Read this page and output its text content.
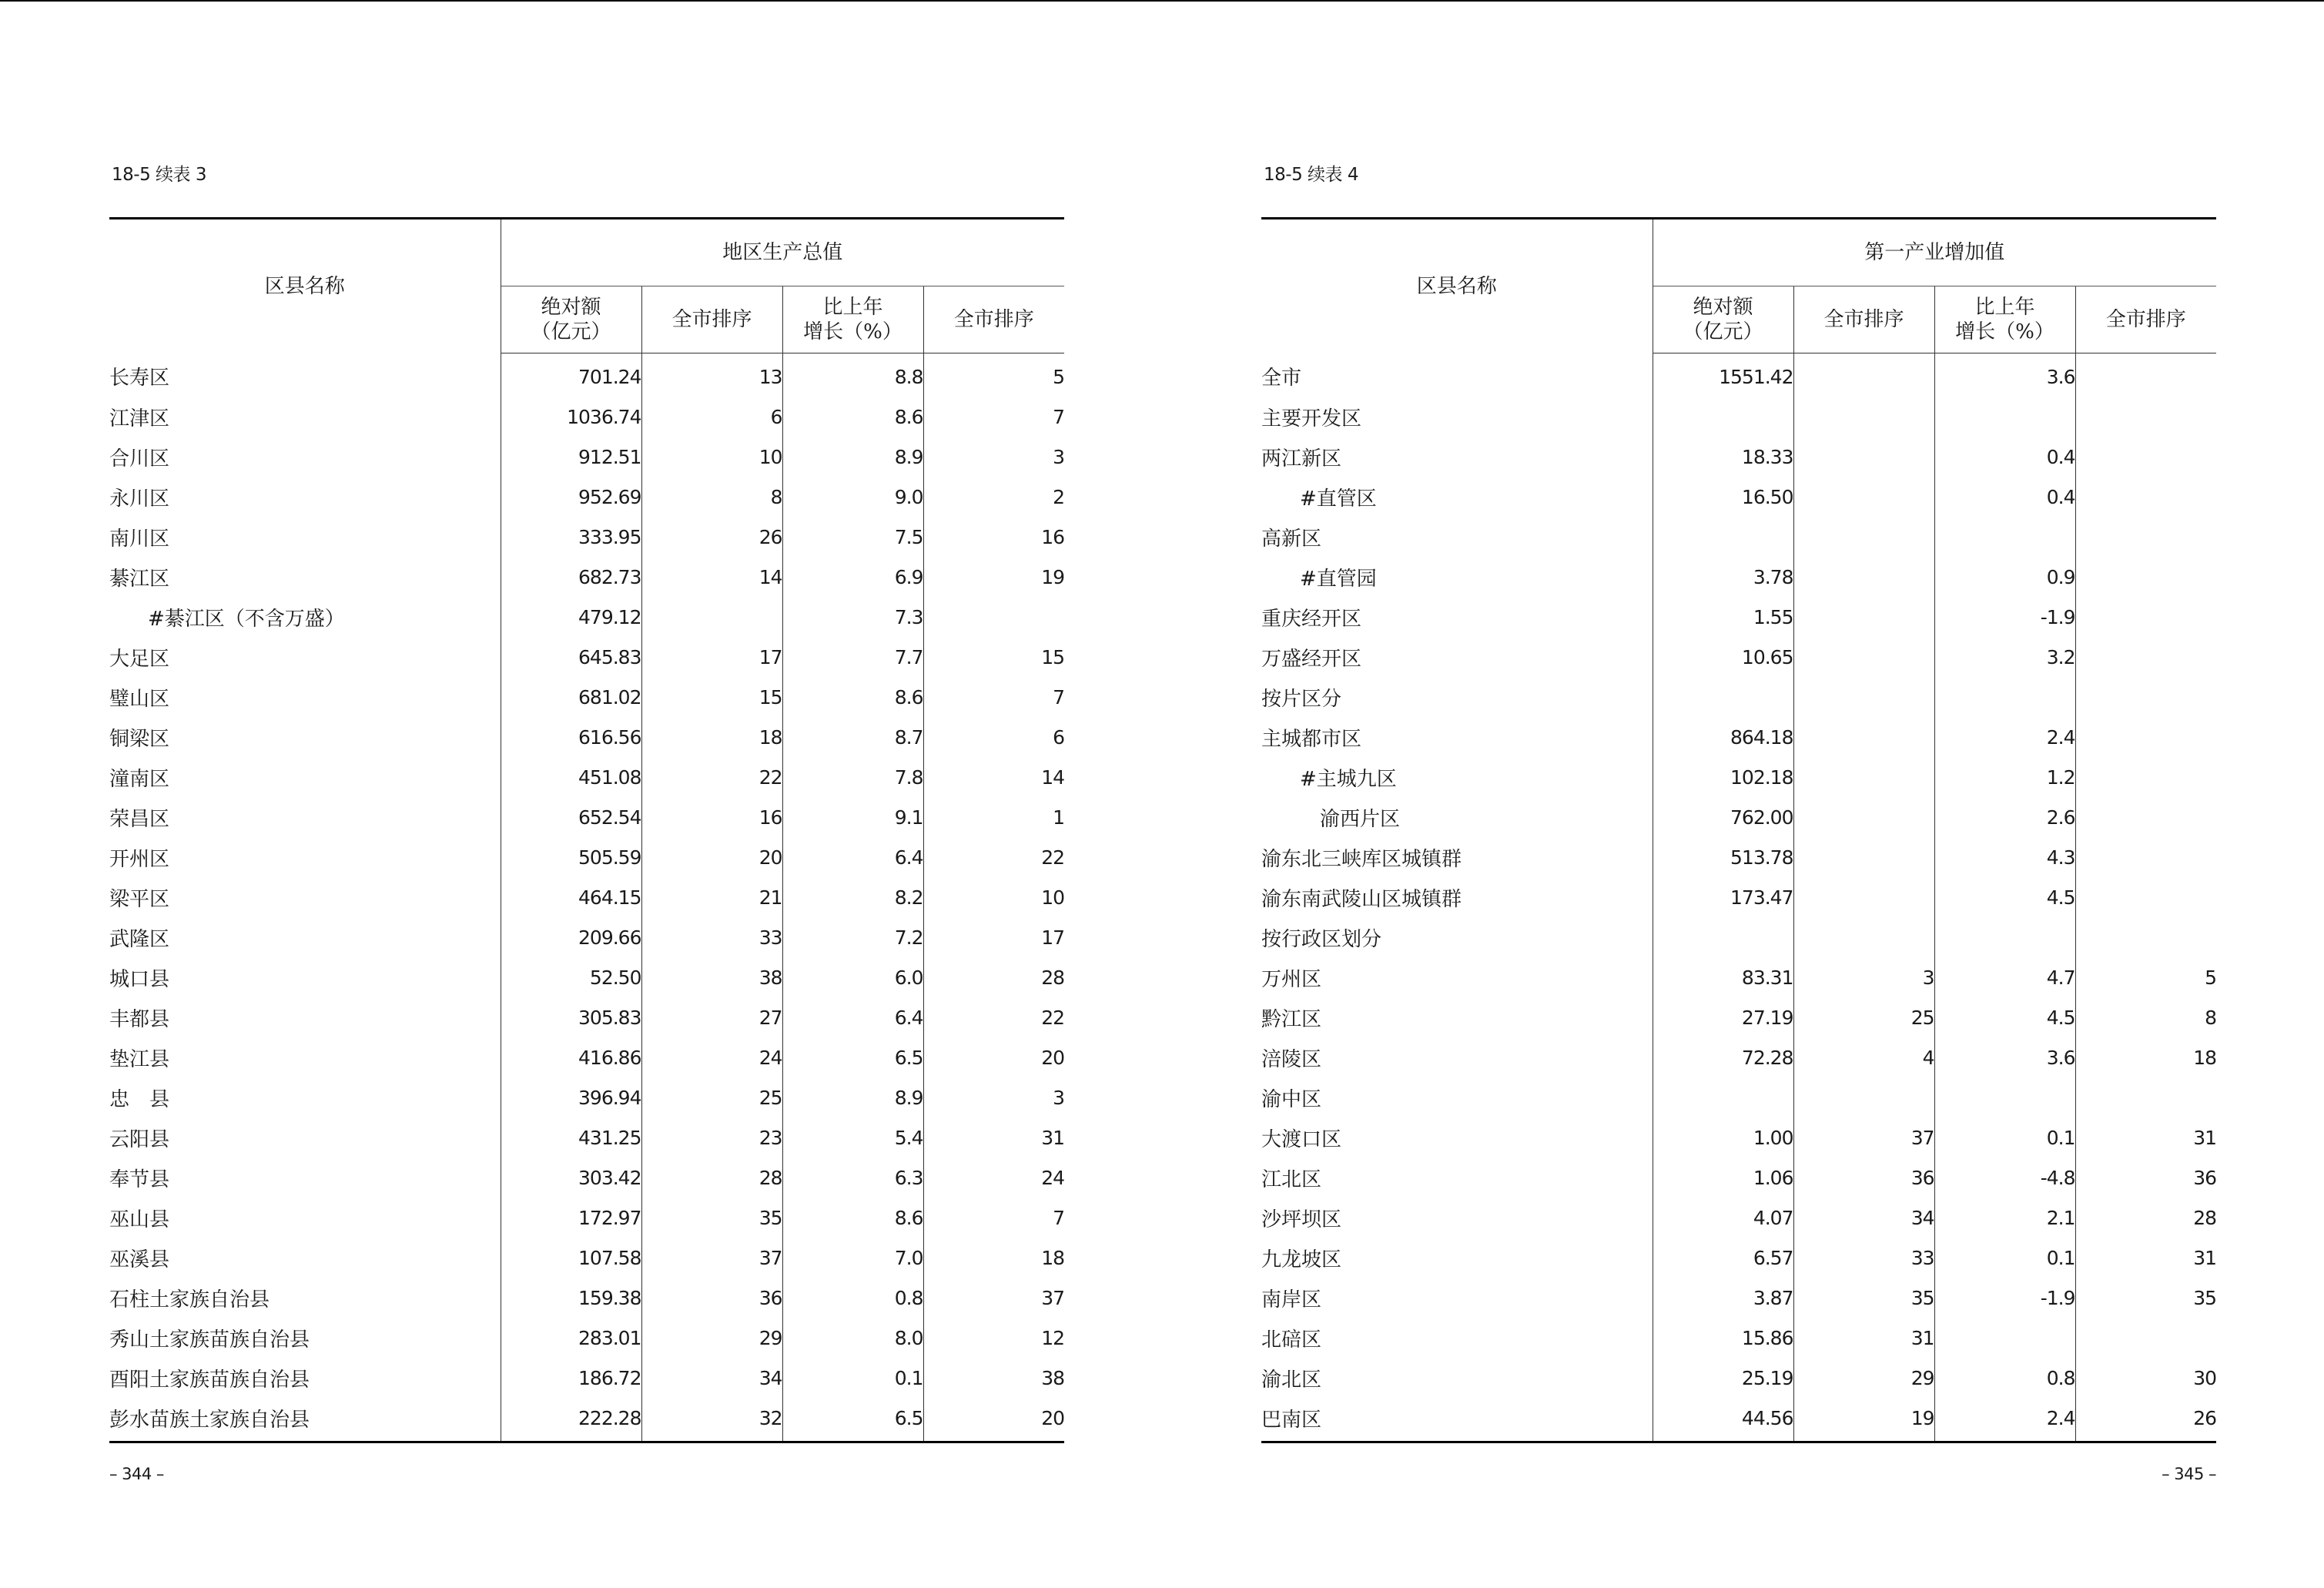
18-5 续表 3
区县名称	地区生产总值			
	绝对额
（亿元）	全市排序	比上年
增长（%）	全市排序
长寿区	701.24	13	8.8	5
江津区	1036.74	6	8.6	7
合川区	912.51	10	8.9	3
永川区	952.69	8	9.0	2
南川区	333.95	26	7.5	16
綦江区	682.73	14	6.9	19
#綦江区（不含万盛）	479.12		7.3	
大足区	645.83	17	7.7	15
璧山区	681.02	15	8.6	7
铜梁区	616.56	18	8.7	6
潼南区	451.08	22	7.8	14
荣昌区	652.54	16	9.1	1
开州区	505.59	20	6.4	22
梁平区	464.15	21	8.2	10
武隆区	209.66	33	7.2	17
城口县	52.50	38	6.0	28
丰都县	305.83	27	6.4	22
垫江县	416.86	24	6.5	20
忠　县	396.94	25	8.9	3
云阳县	431.25	23	5.4	31
奉节县	303.42	28	6.3	24
巫山县	172.97	35	8.6	7
巫溪县	107.58	37	7.0	18
石柱土家族自治县	159.38	36	0.8	37
秀山土家族苗族自治县	283.01	29	8.0	12
酉阳土家族苗族自治县	186.72	34	0.1	38
彭水苗族土家族自治县	222.28	32	6.5	20
– 344 –
18-5 续表 4
区县名称	第一产业增加值			
	绝对额
（亿元）	全市排序	比上年
增长（%）	全市排序
全市	1551.42		3.6	
主要开发区				
两江新区	18.33		0.4	
#直管区	16.50		0.4	
高新区				
#直管园	3.78		0.9	
重庆经开区	1.55		-1.9	
万盛经开区	10.65		3.2	
按片区分				
主城都市区	864.18		2.4	
#主城九区	102.18		1.2	
渝西片区	762.00		2.6	
渝东北三峡库区城镇群	513.78		4.3	
渝东南武陵山区城镇群	173.47		4.5	
按行政区划分				
万州区	83.31	3	4.7	5
黔江区	27.19	25	4.5	8
涪陵区	72.28	4	3.6	18
渝中区				
大渡口区	1.00	37	0.1	31
江北区	1.06	36	-4.8	36
沙坪坝区	4.07	34	2.1	28
九龙坡区	6.57	33	0.1	31
南岸区	3.87	35	-1.9	35
北碚区	15.86	31		
渝北区	25.19	29	0.8	30
巴南区	44.56	19	2.4	26
– 345 –
